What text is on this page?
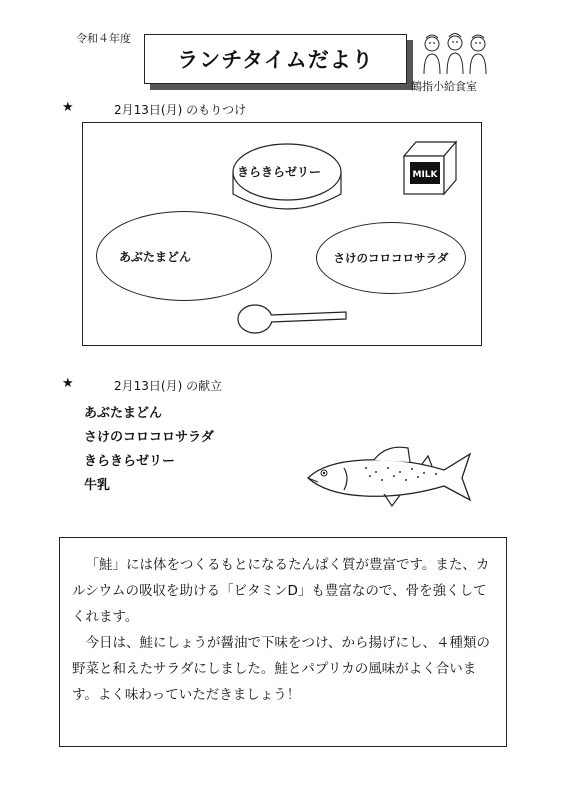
令和４年度
ランチタイムだより
鶴指小給食室
★	2月13日(月) のもりつけ
きらきらゼリー	MILK
あぶたまどん	さけのコロコロサラダ
★	2月13日(月) の献立
あぶたまどん
さけのコロコロサラダ
きらきらゼリー
牛乳

「鮭」には体をつくるもとになるたんぱく質が豊富です。また、カルシウムの吸収を助ける「ビタミンD」も豊富なので、骨を強くしてくれます。

今日は、鮭にしょうが醤油で下味をつけ、から揚げにし、４種類の野菜と和えたサラダにしました。鮭とパプリカの風味がよく合います。よく味わっていただきましょう！
